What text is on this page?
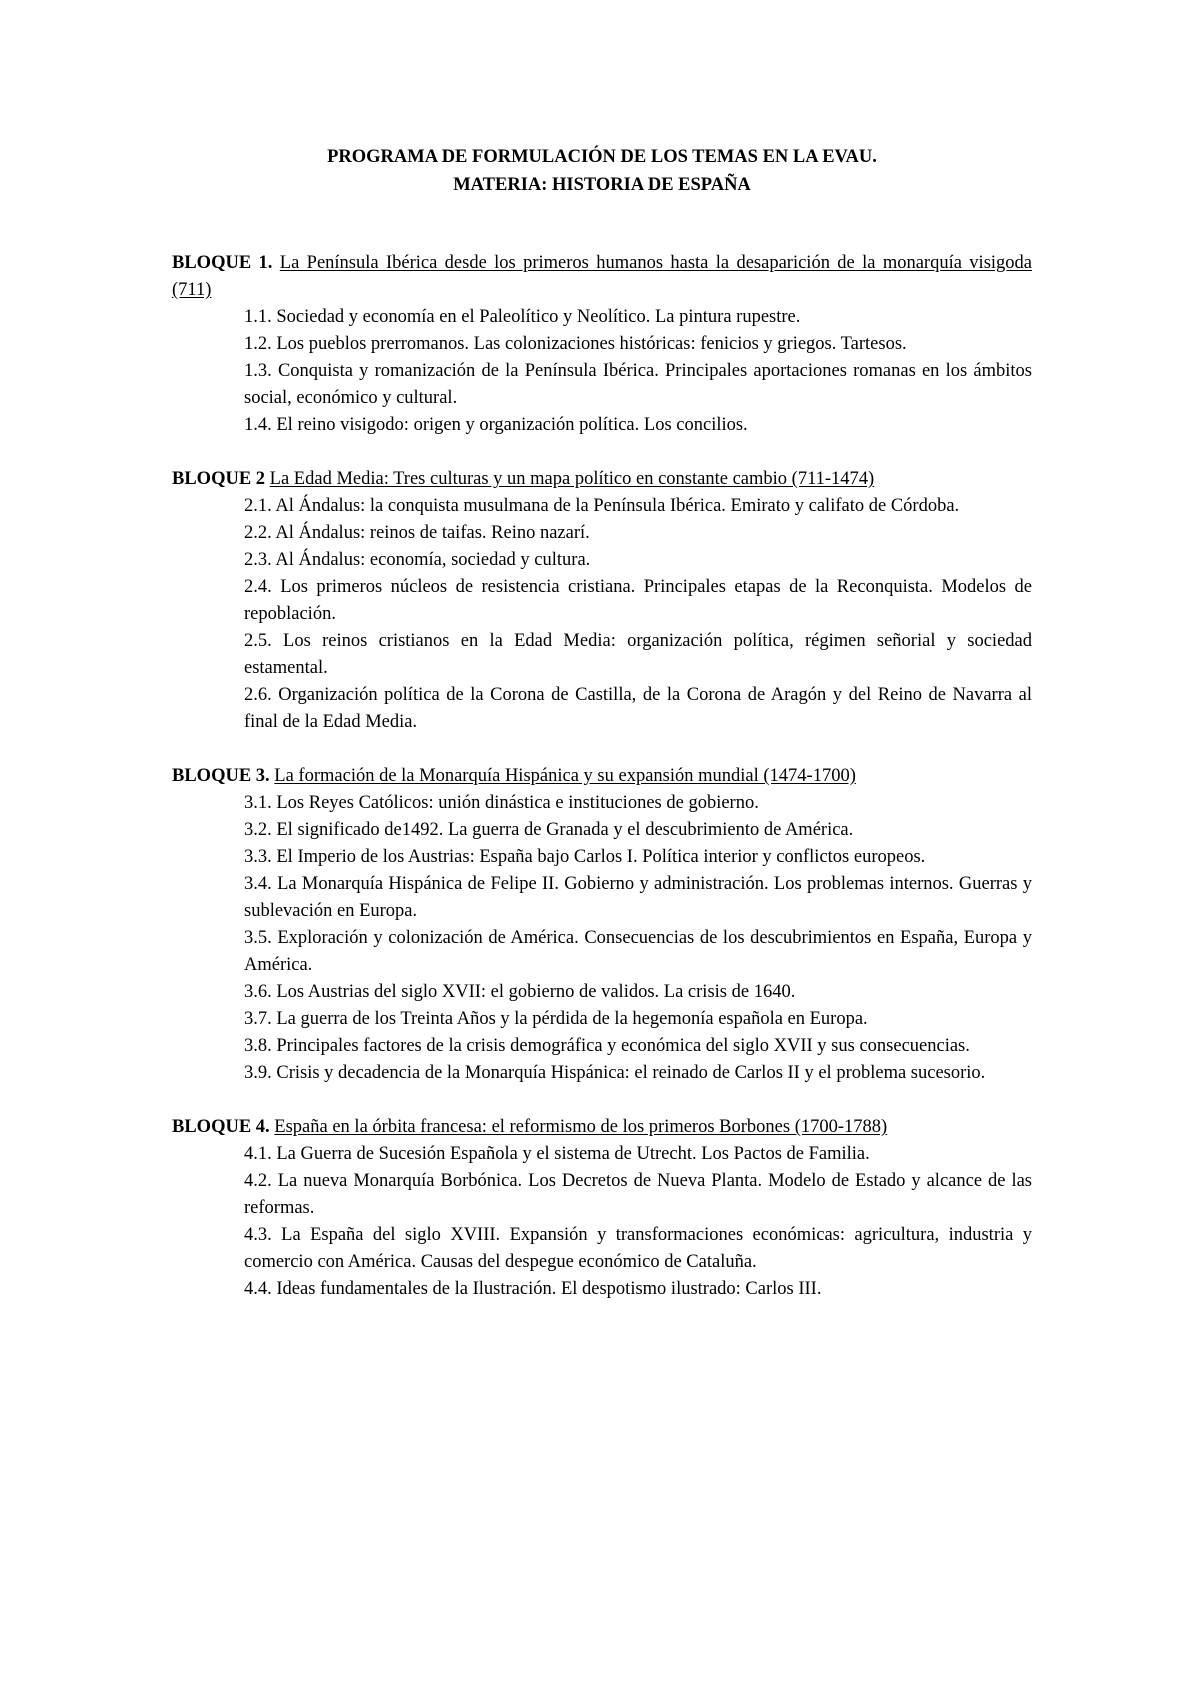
PROGRAMA DE FORMULACIÓN DE LOS TEMAS EN LA EVAU.
MATERIA: HISTORIA DE ESPAÑA
BLOQUE 1. La Península Ibérica desde los primeros humanos hasta la desaparición de la monarquía visigoda (711)
1.1. Sociedad y economía en el Paleolítico y Neolítico. La pintura rupestre.
1.2. Los pueblos prerromanos. Las colonizaciones históricas: fenicios y griegos. Tartesos.
1.3. Conquista y romanización de la Península Ibérica. Principales aportaciones romanas en los ámbitos social, económico y cultural.
1.4. El reino visigodo: origen y organización política. Los concilios.
BLOQUE 2 La Edad Media: Tres culturas y un mapa político en constante cambio (711-1474)
2.1. Al Ándalus: la conquista musulmana de la Península Ibérica. Emirato y califato de Córdoba.
2.2. Al Ándalus: reinos de taifas. Reino nazarí.
2.3. Al Ándalus: economía, sociedad y cultura.
2.4. Los primeros núcleos de resistencia cristiana. Principales etapas de la Reconquista. Modelos de repoblación.
2.5. Los reinos cristianos en la Edad Media: organización política, régimen señorial y sociedad estamental.
2.6. Organización política de la Corona de Castilla, de la Corona de Aragón y del Reino de Navarra al final de la Edad Media.
BLOQUE 3. La formación de la Monarquía Hispánica y su expansión mundial (1474-1700)
3.1. Los Reyes Católicos: unión dinástica e instituciones de gobierno.
3.2. El significado de1492. La guerra de Granada y el descubrimiento de América.
3.3. El Imperio de los Austrias: España bajo Carlos I. Política interior y conflictos europeos.
3.4. La Monarquía Hispánica de Felipe II. Gobierno y administración. Los problemas internos. Guerras y sublevación en Europa.
3.5. Exploración y colonización de América. Consecuencias de los descubrimientos en España, Europa y América.
3.6. Los Austrias del siglo XVII: el gobierno de validos. La crisis de 1640.
3.7. La guerra de los Treinta Años y la pérdida de la hegemonía española en Europa.
3.8. Principales factores de la crisis demográfica y económica del siglo XVII y sus consecuencias.
3.9. Crisis y decadencia de la Monarquía Hispánica: el reinado de Carlos II y el problema sucesorio.
BLOQUE 4. España en la órbita francesa: el reformismo de los primeros Borbones (1700-1788)
4.1. La Guerra de Sucesión Española y el sistema de Utrecht. Los Pactos de Familia.
4.2. La nueva Monarquía Borbónica. Los Decretos de Nueva Planta. Modelo de Estado y alcance de las reformas.
4.3. La España del siglo XVIII. Expansión y transformaciones económicas: agricultura, industria y comercio con América. Causas del despegue económico de Cataluña.
4.4. Ideas fundamentales de la Ilustración. El despotismo ilustrado: Carlos III.
